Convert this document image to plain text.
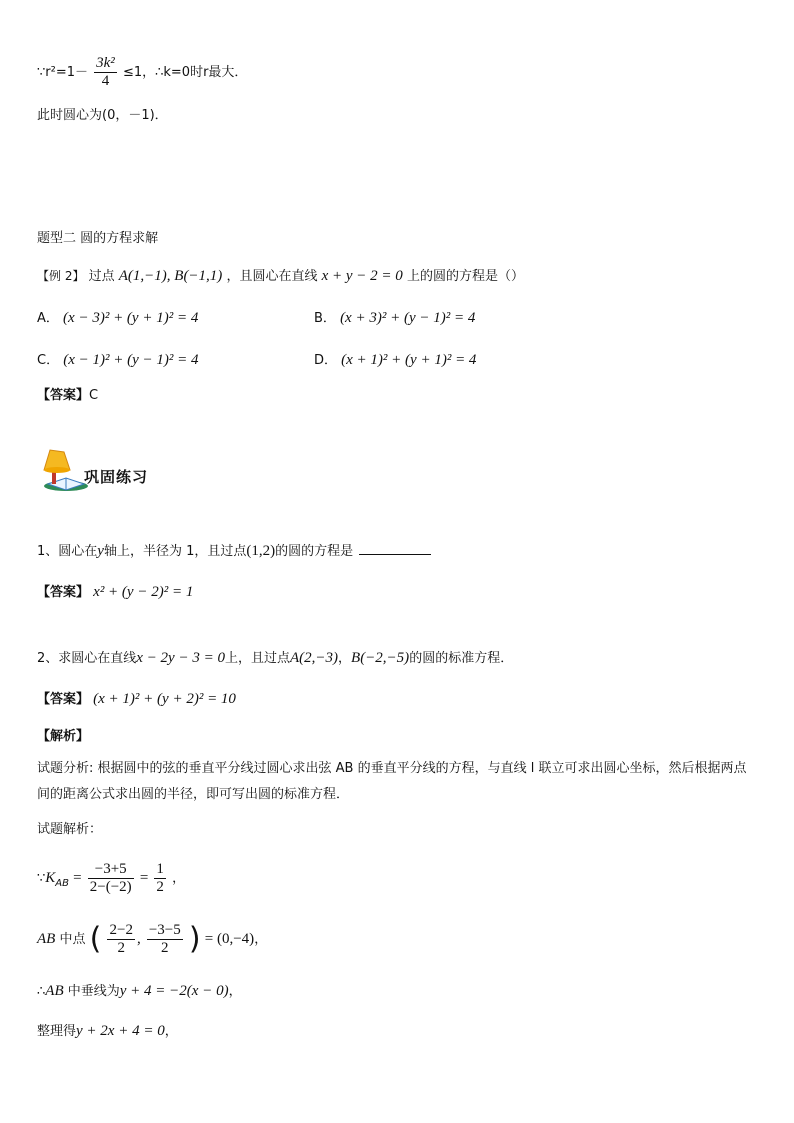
∵r²=1－ $\frac{\text{3k²}}{4} \le 1$，∴k=0时r最大．
此时圆心为(0，－1)．
题型二 圆的方程求解
【例 2】 过点 A(1,−1), B(−1,1) ，且圆心在直线 x + y − 2 = 0 上的圆的方程是（）
A． (x − 3)² + (y + 1)² = 4	B． (x + 3)² + (y − 1)² = 4
C． (x − 1)² + (y − 1)² = 4	D． (x + 1)² + (y + 1)² = 4
【答案】C
巩固练习
1、圆心在y轴上，半径为 1，且过点(1,2)的圆的方程是
【答案】 x² + (y − 2)² = 1
2、求圆心在直线x − 2y − 3 = 0上，且过点A(2,−3)，B(−2,−5)的圆的标准方程．
【答案】 (x + 1)² + (y + 2)² = 10
【解析】
试题分析: 根据圆中的弦的垂直平分线过圆心求出弦 AB 的垂直平分线的方程，与直线 l 联立可求出圆心坐标，然后根据两点间的距离公式求出圆的半径，即可写出圆的标准方程．
试题解析：
$\because K_{AB} = \frac{-3+5}{2-(-2)} = \frac{1}{2}$ ，
AB 中点 ( $\frac{2-2}{2}$ , $\frac{-3-5}{2}$ ) = (0,−4)，
∴AB 中垂线为y + 4 = −2(x − 0)，
整理得y + 2x + 4 = 0，
